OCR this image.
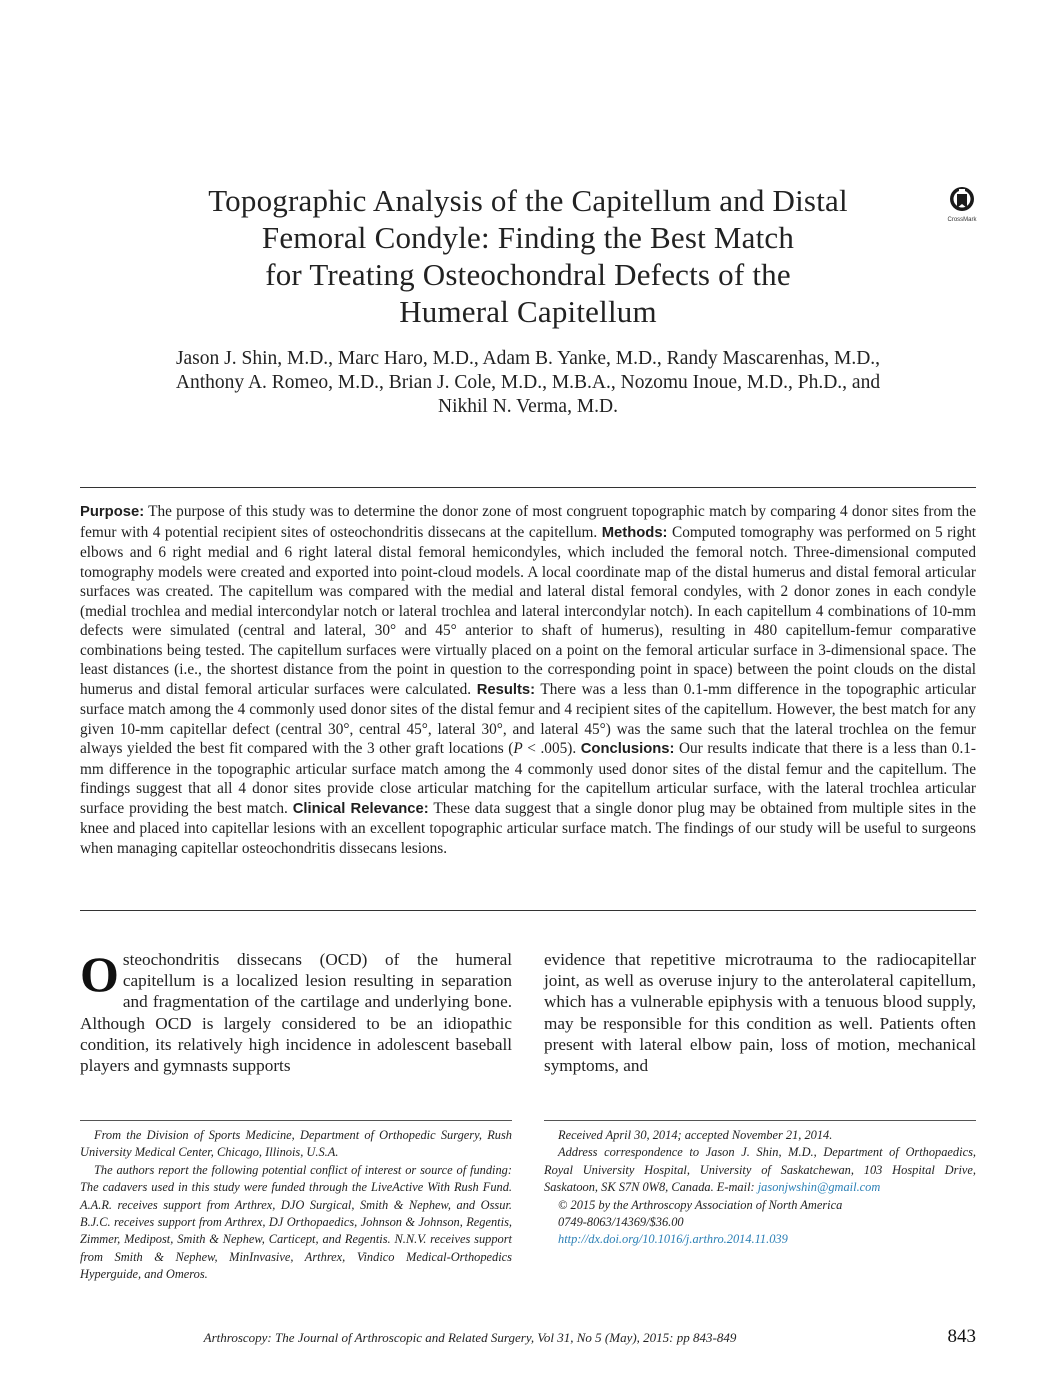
Topographic Analysis of the Capitellum and Distal
Femoral Condyle: Finding the Best Match
for Treating Osteochondral Defects of the
Humeral Capitellum
CrossMark
Jason J. Shin, M.D., Marc Haro, M.D., Adam B. Yanke, M.D., Randy Mascarenhas, M.D.,
Anthony A. Romeo, M.D., Brian J. Cole, M.D., M.B.A., Nozomu Inoue, M.D., Ph.D., and
Nikhil N. Verma, M.D.
Purpose: The purpose of this study was to determine the donor zone of most congruent topographic match by comparing 4 donor sites from the femur with 4 potential recipient sites of osteochondritis dissecans at the capitellum. Methods: Computed tomography was performed on 5 right elbows and 6 right medial and 6 right lateral distal femoral hemicondyles, which included the femoral notch. Three-dimensional computed tomography models were created and exported into point-cloud models. A local coordinate map of the distal humerus and distal femoral articular surfaces was created. The capitellum was compared with the medial and lateral distal femoral condyles, with 2 donor zones in each condyle (medial trochlea and medial intercondylar notch or lateral trochlea and lateral intercondylar notch). In each capitellum 4 combinations of 10-mm defects were simulated (central and lateral, 30° and 45° anterior to shaft of humerus), resulting in 480 capitellum-femur comparative combinations being tested. The capitellum surfaces were virtually placed on a point on the femoral articular surface in 3-dimensional space. The least distances (i.e., the shortest distance from the point in question to the corresponding point in space) between the point clouds on the distal humerus and distal femoral articular surfaces were calculated. Results: There was a less than 0.1-mm difference in the topographic articular surface match among the 4 commonly used donor sites of the distal femur and 4 recipient sites of the capitellum. However, the best match for any given 10-mm capitellar defect (central 30°, central 45°, lateral 30°, and lateral 45°) was the same such that the lateral trochlea on the femur always yielded the best fit compared with the 3 other graft locations (P < .005). Conclusions: Our results indicate that there is a less than 0.1-mm difference in the topographic articular surface match among the 4 commonly used donor sites of the distal femur and the capitellum. The findings suggest that all 4 donor sites provide close articular matching for the capitellum articular surface, with the lateral trochlea articular surface providing the best match. Clinical Relevance: These data suggest that a single donor plug may be obtained from multiple sites in the knee and placed into capitellar lesions with an excellent topographic articular surface match. The findings of our study will be useful to surgeons when managing capitellar osteochondritis dissecans lesions.
Osteochondritis dissecans (OCD) of the humeral capitellum is a localized lesion resulting in separation and fragmentation of the cartilage and underlying bone. Although OCD is largely considered to be an idiopathic condition, its relatively high incidence in adolescent baseball players and gymnasts supports
evidence that repetitive microtrauma to the radiocapitellar joint, as well as overuse injury to the anterolateral capitellum, which has a vulnerable epiphysis with a tenuous blood supply, may be responsible for this condition as well. Patients often present with lateral elbow pain, loss of motion, mechanical symptoms, and

From the Division of Sports Medicine, Department of Orthopedic Surgery, Rush University Medical Center, Chicago, Illinois, U.S.A.

The authors report the following potential conflict of interest or source of funding: The cadavers used in this study were funded through the LiveActive With Rush Fund. A.A.R. receives support from Arthrex, DJO Surgical, Smith & Nephew, and Ossur. B.J.C. receives support from Arthrex, DJ Orthopaedics, Johnson & Johnson, Regentis, Zimmer, Medipost, Smith & Nephew, Carticept, and Regentis. N.N.V. receives support from Smith & Nephew, MinInvasive, Arthrex, Vindico Medical-Orthopedics Hyperguide, and Omeros.

Received April 30, 2014; accepted November 21, 2014.

Address correspondence to Jason J. Shin, M.D., Department of Orthopaedics, Royal University Hospital, University of Saskatchewan, 103 Hospital Drive, Saskatoon, SK S7N 0W8, Canada. E-mail: jasonjwshin@gmail.com

© 2015 by the Arthroscopy Association of North America

0749-8063/14369/$36.00

http://dx.doi.org/10.1016/j.arthro.2014.11.039

Arthroscopy: The Journal of Arthroscopic and Related Surgery, Vol 31, No 5 (May), 2015: pp 843-849	843
